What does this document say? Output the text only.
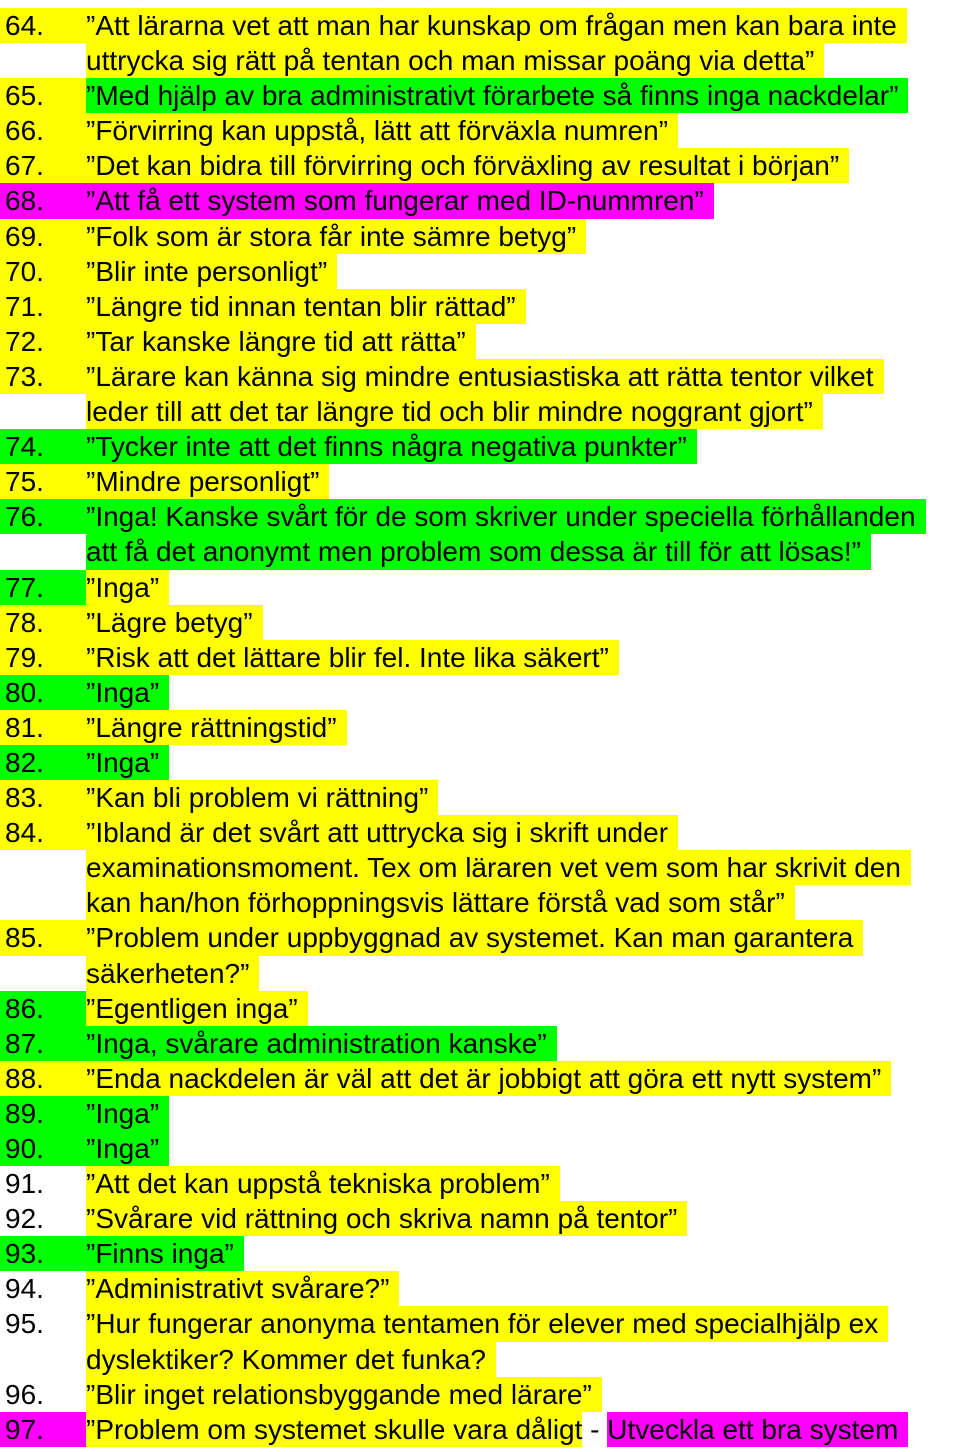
64.	”Att lärarna vet att man har kunskap om frågan men kan bara inte
uttrycka sig rätt på tentan och man missar poäng via detta”
65.	”Med hjälp av bra administrativt förarbete så finns inga nackdelar”
66.	”Förvirring kan uppstå, lätt att förväxla numren”
67.	”Det kan bidra till förvirring och förväxling av resultat i början”
68.	”Att få ett system som fungerar med ID-nummren”
69.	”Folk som är stora får inte sämre betyg”
70.	”Blir inte personligt”
71.	”Längre tid innan tentan blir rättad”
72.	”Tar kanske längre tid att rätta”
73.	”Lärare kan känna sig mindre entusiastiska att rätta tentor vilket
leder till att det tar längre tid och blir mindre noggrant gjort”
74.	”Tycker inte att det finns några negativa punkter”
75.	”Mindre personligt”
76.	”Inga! Kanske svårt för de som skriver under speciella förhållanden
att få det anonymt men problem som dessa är till för att lösas!”
77.	”Inga”
78.	”Lägre betyg”
79.	”Risk att det lättare blir fel. Inte lika säkert”
80.	”Inga”
81.	”Längre rättningstid”
82.	”Inga”
83.	”Kan bli problem vi rättning”
84.	”Ibland är det svårt att uttrycka sig i skrift under
examinationsmoment. Tex om läraren vet vem som har skrivit den
kan han/hon förhoppningsvis lättare förstå vad som står”
85.	”Problem under uppbyggnad av systemet. Kan man garantera
säkerheten?”
86.	”Egentligen inga”
87.	”Inga, svårare administration kanske”
88.	”Enda nackdelen är väl att det är jobbigt att göra ett nytt system”
89.	”Inga”
90.	”Inga”
91.	”Att det kan uppstå tekniska problem”
92.	”Svårare vid rättning och skriva namn på tentor”
93.	”Finns inga”
94.	”Administrativt svårare?”
95.	”Hur fungerar anonyma tentamen för elever med specialhjälp ex
dyslektiker? Kommer det funka?
96.	”Blir inget relationsbyggande med lärare”
97.	”Problem om systemet skulle vara dåligt - Utveckla ett bra system
